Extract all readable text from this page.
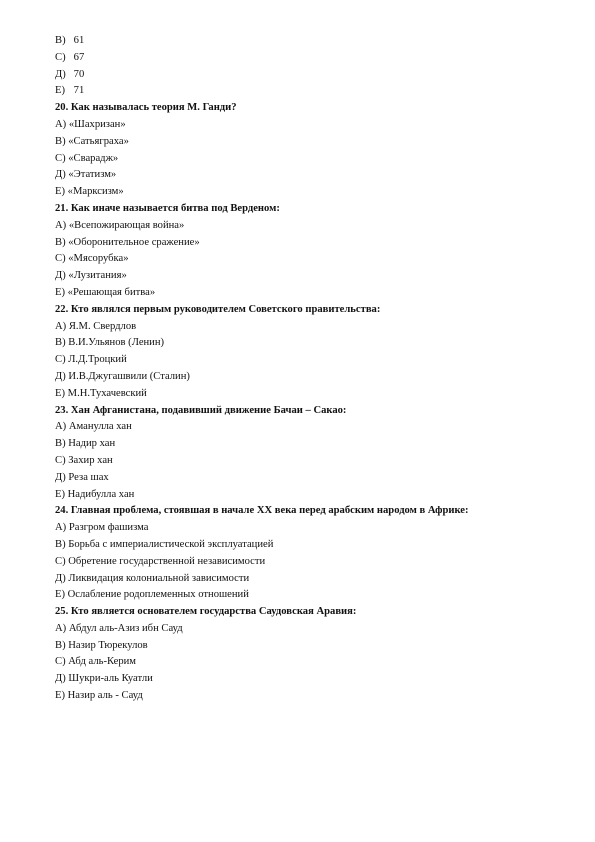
B) 61
C) 67
Д) 70
E) 71
20. Как называлась теория М. Ганди?
A) «Шахризан»
B) «Сатьяграха»
C) «Сварадж»
Д) «Этатизм»
E) «Марксизм»
21. Как иначе называется битва под Верденом:
A) «Всепожирающая война»
B) «Оборонительное сражение»
C) «Мясорубка»
Д) «Лузитания»
E) «Решающая битва»
22. Кто являлся первым руководителем Советского правительства:
A) Я.М. Свердлов
B) В.И.Ульянов (Ленин)
C) Л.Д.Троцкий
Д) И.В.Джугашвили (Сталин)
E) М.Н.Тухачевский
23. Хан Афганистана, подавивший движение Бачаи – Сакао:
A) Аманулла хан
B) Надир хан
C) Захир хан
Д) Реза шах
E) Надибулла хан
24. Главная проблема, стоявшая в начале XX века перед арабским народом в Африке:
A) Разгром фашизма
B) Борьба с империалистической эксплуатацией
C) Обретение государственной независимости
Д) Ликвидация колониальной зависимости
E) Ослабление родоплеменных отношений
25. Кто является основателем государства Саудовская Аравия:
A) Абдул аль-Азиз ибн Сауд
B) Назир Тюрекулов
C) Абд аль-Керим
Д) Шукри-аль Куатли
E) Назир аль - Сауд
